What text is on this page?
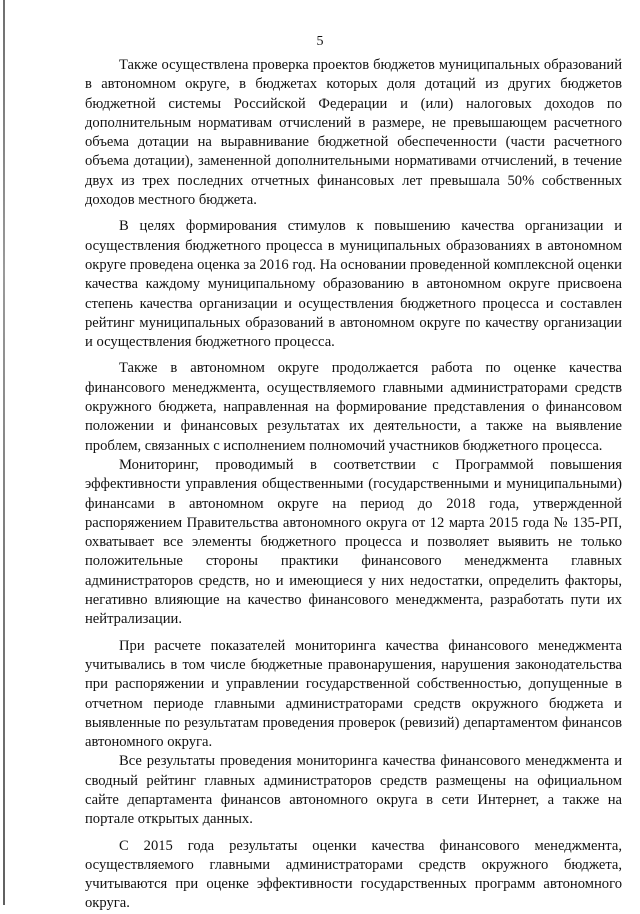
5

Также осуществлена проверка проектов бюджетов муниципальных образований в автономном округе, в бюджетах которых доля дотаций из других бюджетов бюджетной системы Российской Федерации и (или) налоговых доходов по дополнительным нормативам отчислений в размере, не превышающем расчетного объема дотации на выравнивание бюджетной обеспеченности (части расчетного объема дотации), замененной дополнительными нормативами отчислений, в течение двух из трех последних отчетных финансовых лет превышала 50% собственных доходов местного бюджета.

В целях формирования стимулов к повышению качества организации и осуществления бюджетного процесса в муниципальных образованиях в автономном округе проведена оценка за 2016 год. На основании проведенной комплексной оценки качества каждому муниципальному образованию в автономном округе присвоена степень качества организации и осуществления бюджетного процесса и составлен рейтинг муниципальных образований в автономном округе по качеству организации и осуществления бюджетного процесса.

Также в автономном округе продолжается работа по оценке качества финансового менеджмента, осуществляемого главными администраторами средств окружного бюджета, направленная на формирование представления о финансовом положении и финансовых результатах их деятельности, а также на выявление проблем, связанных с исполнением полномочий участников бюджетного процесса.

Мониторинг, проводимый в соответствии с Программой повышения эффективности управления общественными (государственными и муниципальными) финансами в автономном округе на период до 2018 года, утвержденной распоряжением Правительства автономного округа от 12 марта 2015 года № 135-РП, охватывает все элементы бюджетного процесса и позволяет выявить не только положительные стороны практики финансового менеджмента главных администраторов средств, но и имеющиеся у них недостатки, определить факторы, негативно влияющие на качество финансового менеджмента, разработать пути их нейтрализации.

При расчете показателей мониторинга качества финансового менеджмента учитывались в том числе бюджетные правонарушения, нарушения законодательства при распоряжении и управлении государственной собственностью, допущенные в отчетном периоде главными администраторами средств окружного бюджета и выявленные по результатам проведения проверок (ревизий) департаментом финансов автономного округа.

Все результаты проведения мониторинга качества финансового менеджмента и сводный рейтинг главных администраторов средств размещены на официальном сайте департамента финансов автономного округа в сети Интернет, а также на портале открытых данных.

С 2015 года результаты оценки качества финансового менеджмента, осуществляемого главными администраторами средств окружного бюджета, учитываются при оценке эффективности государственных программ автономного округа.
